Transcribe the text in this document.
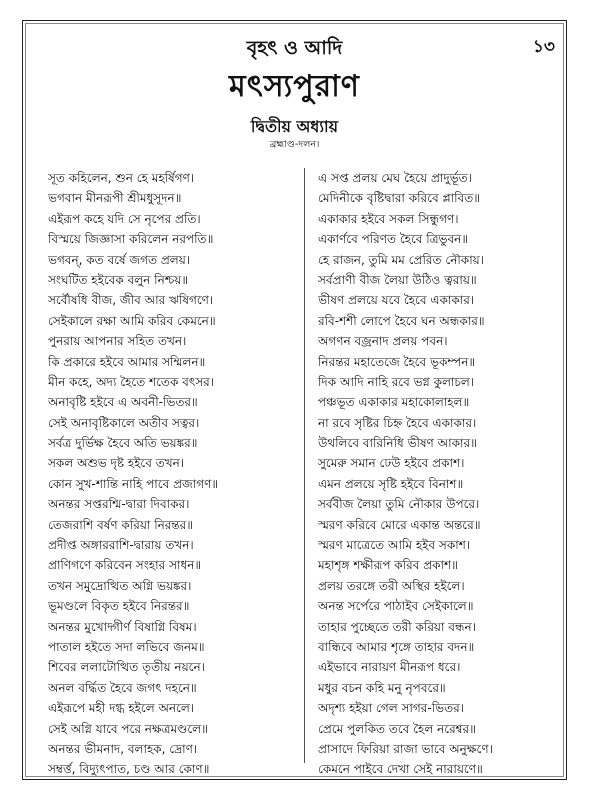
১৩
বৃহৎ ও আদি
মৎস্যপুরাণ
দ্বিতীয় অধ্যায়
ব্রহ্মাণ্ড-দলন।
সূত কহিলেন, শুন হে মহর্ষিগণ।
ভগবান মীনরূপী শ্রীমধুসূদন॥
এইরূপ কহে যদি সে নৃপের প্রতি।
বিস্ময়ে জিজ্ঞাসা করিলেন নরপতি॥
ভগবন্, কত বর্ষে জগত প্রলয়।
সংঘটিত হইবেক বলুন নিশ্চয়॥
সর্বৌষধি বীজ, জীব আর ঋষিগণে।
সেইকালে রক্ষা আমি করিব কেমনে॥
পুনরায় আপনার সহিত তখন।
কি প্রকারে হইবে আমার সম্মিলন॥
মীন কহে, অদ্য হৈতে শতেক বৎসর।
অনাবৃষ্টি হইবে এ অবনী-ভিতর॥
সেই অনাবৃষ্টিকালে অতীব সত্বর।
সর্বত্র দুর্ভিক্ষ হৈবে অতি ভয়ঙ্কর॥
সকল অশুভ দৃষ্ট হইবে তখন।
কোন সুখ-শান্তি নাহি পাবে প্রজাগণ॥
অনন্তর সপ্তরশ্মি-দ্বারা দিবাকর।
তেজরাশি বর্ষণ করিয়া নিরন্তর॥
প্রদীপ্ত অঙ্গাররাশি-দ্বারায় তখন।
প্রাণিগণে করিবেন সংহার সাধন॥
তখন সমুদ্রোত্থিত অগ্নি ভয়ঙ্কর।
ভূমণ্ডলে বিকৃত হইবে নিরন্তর॥
অনন্তর মুখোদ্গীর্ণ বিষাগ্নি বিষম।
পাতাল হইতে সদা লভিবে জনম॥
শিবের ললাটোত্থিত তৃতীয় নয়নে।
অনল বর্দ্ধিত হৈবে জগৎ দহনে॥
এইরূপে মহী দগ্ধ হইলে অনলে।
সেই অগ্নি যাবে পরে নক্ষত্রমণ্ডলে॥
অনন্তর ভীমনাদ, বলাহক, দ্রোণ।
সম্বর্ত্ত, বিদ্যুৎপাত, চণ্ড আর কোণ॥
এ সপ্ত প্রলয় মেঘ হৈয়ে প্রাদুর্ভূত।
মেদিনীকে বৃষ্টিদ্বারা করিবে প্লাবিত॥
একাকার হইবে সকল সিন্ধুগণ।
একার্ণবে পরিণত হৈবে ত্রিভুবন॥
হে রাজন, তুমি মম প্রেরিত নৌকায়।
সর্বপ্রাণী বীজ লৈয়া উঠিও ত্বরায়॥
ভীষণ প্রলয়ে যবে হৈবে একাকার।
রবি-শশী লোপে হৈবে ঘন অন্ধকার॥
অগণন বজ্রনাদ প্রলয় পবন।
নিরন্তর মহাতেজে হৈবে ভূকম্পন॥
দিক আদি নাহি রবে ভগ্ন কুলাচল।
পঞ্চভূত একাকার মহাকোলাহল॥
না রবে সৃষ্টির চিহ্ন হৈবে একাকার।
উথলিবে বারিনিধি ভীষণ আকার॥
সুমেরু সমান ঢেউ হইবে প্রকাশ।
এমন প্রলয়ে সৃষ্টি হইবে বিনাশ॥
সর্ববীজ লৈয়া তুমি নৌকার উপরে।
স্মরণ করিবে মোরে একান্ত অন্তরে॥
স্মরণ মাত্রেতে আমি হইব সকাশ।
মহাশৃঙ্গ শক্ষীরূপ করিব প্রকাশ॥
প্রলয় তরঙ্গে তরী অস্থির হইলে।
অনন্ত সর্পেরে পাঠাইব সেইকালে॥
তাহার পুচ্ছেতে তরী করিয়া বন্ধন।
বান্ধিবে আমার শৃঙ্গে তাহার বদন॥
এইভাবে নারায়ণ মীনরূপ ধরে।
মধুর বচন কহি মনু নৃপবরে॥
অদৃশ্য হইয়া গেল সাগর-ভিতর।
প্রেমে পুলকিত তবে হৈল নরেশ্বর॥
প্রাসাদে ফিরিয়া রাজা ভাবে অনুক্ষণে।
কেমনে পাইবে দেখা সেই নারায়ণে॥
